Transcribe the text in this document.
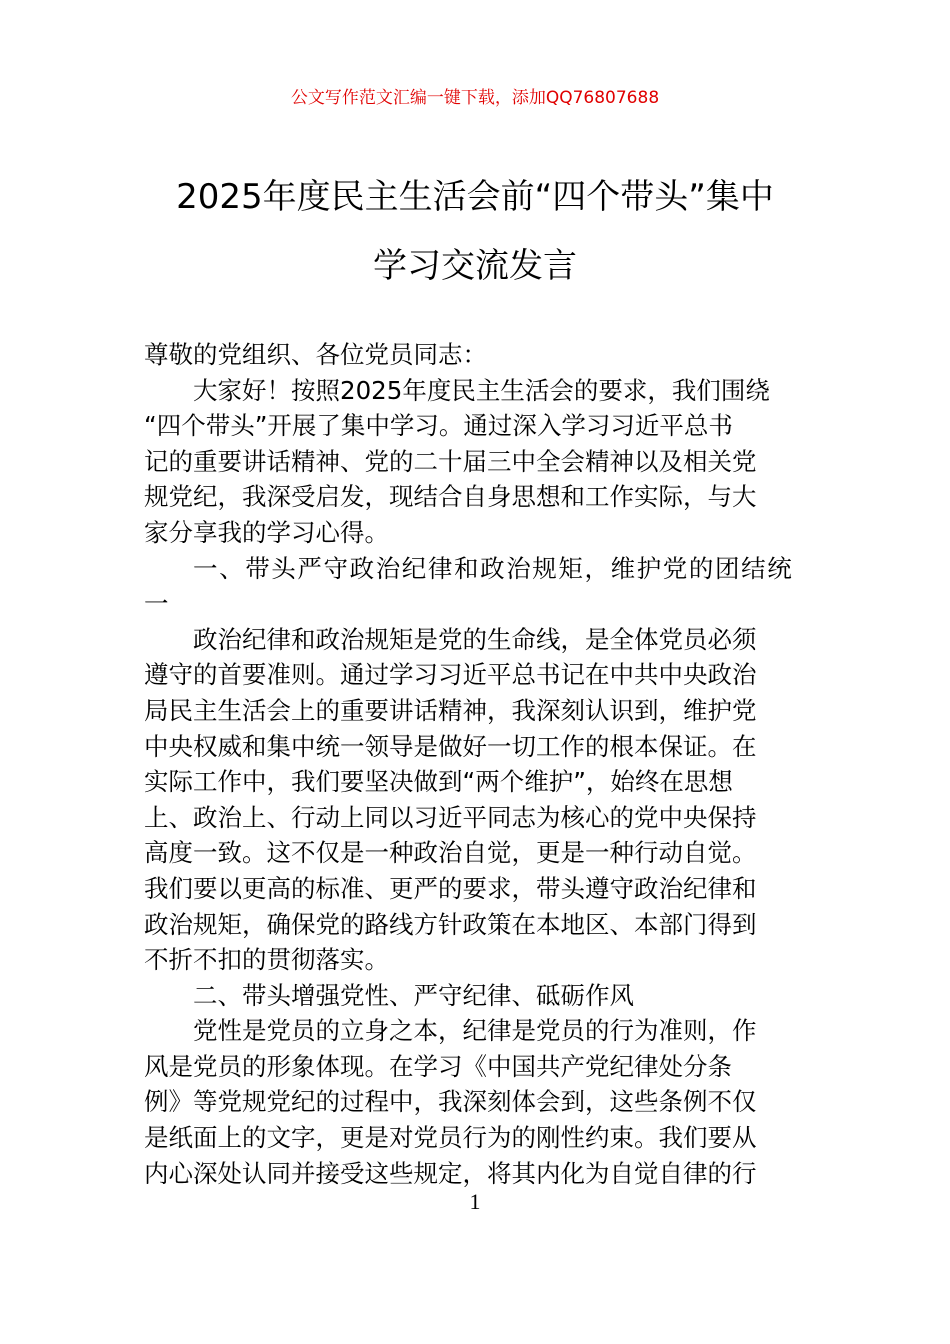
公文写作范文汇编一键下载，添加QQ76807688
2025年度民主生活会前“四个带头”集中
学习交流发言
尊敬的党组织、各位党员同志：
大家好！按照2025年度民主生活会的要求，我们围绕
“四个带头”开展了集中学习。通过深入学习习近平总书
记的重要讲话精神、党的二十届三中全会精神以及相关党
规党纪，我深受启发，现结合自身思想和工作实际，与大
家分享我的学习心得。
一、带头严守政治纪律和政治规矩，维护党的团结统
一
政治纪律和政治规矩是党的生命线，是全体党员必须
遵守的首要准则。通过学习习近平总书记在中共中央政治
局民主生活会上的重要讲话精神，我深刻认识到，维护党
中央权威和集中统一领导是做好一切工作的根本保证。在
实际工作中，我们要坚决做到“两个维护”，始终在思想
上、政治上、行动上同以习近平同志为核心的党中央保持
高度一致。这不仅是一种政治自觉，更是一种行动自觉。
我们要以更高的标准、更严的要求，带头遵守政治纪律和
政治规矩，确保党的路线方针政策在本地区、本部门得到
不折不扣的贯彻落实。
二、带头增强党性、严守纪律、砥砺作风
党性是党员的立身之本，纪律是党员的行为准则，作
风是党员的形象体现。在学习《中国共产党纪律处分条
例》等党规党纪的过程中，我深刻体会到，这些条例不仅
是纸面上的文字，更是对党员行为的刚性约束。我们要从
内心深处认同并接受这些规定，将其内化为自觉自律的行
1
